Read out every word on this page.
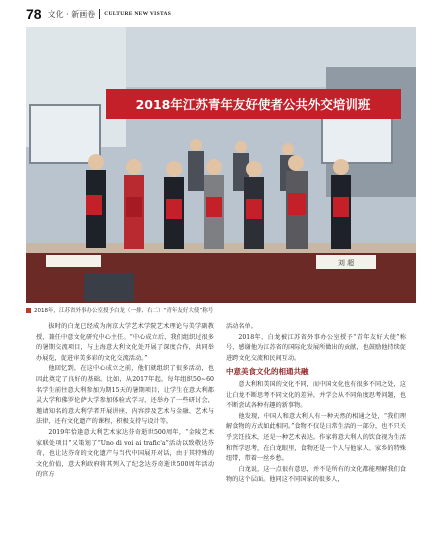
78 文化 · 新画卷 CULTURE NEW VISTAS
2018年江苏青年友好使者公共外交培训班
刘 超
2018年，江苏省外事办公室授予白龙（一排、右二）“青年友好大使”称号

拔时的白龙已经成为南京大学艺术学院艺术理论与美学副教授，兼任中意文化研究中心主任。“中心成立后，我们组织过很多的暑期交流项目，与上海意大利文化处开展了深度合作，共同举办展览，促进审美多彩的文化交流活动。”

他回忆到，在这中心成立之前，他们就组织了很多活动，也因此奠定了良好的基础。比如，从2017年起，每年组织50~60名学生前往意大利参加为期15天的暑期项目，让学生在意大利都灵大学和佛罗伦萨大学参加体验式学习，还举办了一些研讨会，邀请知名的意大利学者开展讲座，内容涉及艺术与金融、艺术与法律，还有文化遗产的课程，积极支持与设计等。

2019年恰逢意大利艺术家达芬奇逝世500周年，“金陵艺术家联处项目”又策划了“Uno di voi ai trafic'a”活动以致敬达芬奇，也让达芬奇的文化遗产与当代中国展开对话，由于其特殊的文化价值，意大利政府将其列入了纪念达芬奇逝世500周年活动的官方

活动名单。

2018年，白龙被江苏省外事办公室授予“青年友好大使”称号，感谢他为江苏省的国际化发展所做出的贡献，也鼓励他持续促进跨文化交流和民间互动。

中意美食文化的相通共融

意大利和美国的文化不同，而中国文化也有很多不同之处，这让白龙不断思考不同文化的差异，并学会从不同角度思考问题，也不断尝试各种有趣的新事物。

他发现，中国人和意大利人有一种天然的相通之处，“我们理解食物的方式如此相同。”食物不仅是日常生活的一部分，也不只关乎烹饪技术，还是一种艺术表达。作家将意大利人的饮食视为生活和哲学思考，在白龙眼里，食物还是一个人与他家人、家乡的特殊纽带，带着一丝乡愁。

白龙说，这一点很有意思，并不是所有的文化都能理解我们食物的这个层面。他同这不同国家的很多人，
